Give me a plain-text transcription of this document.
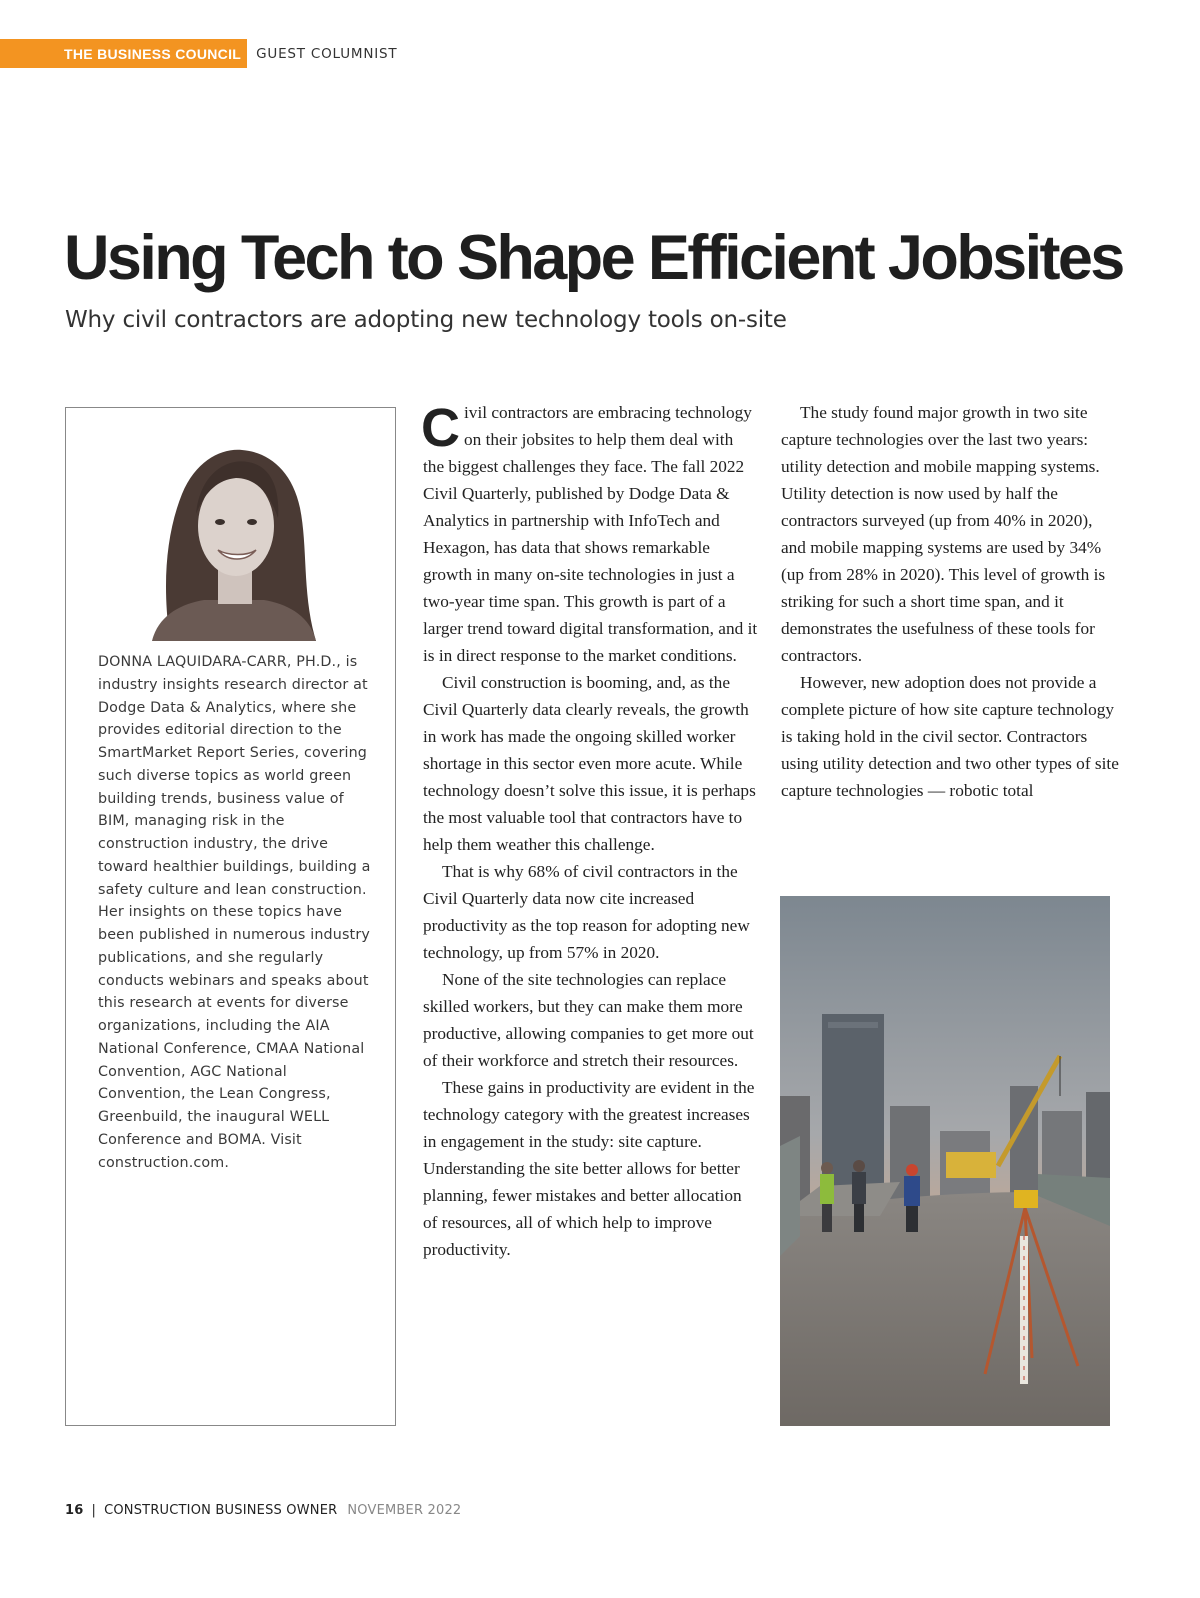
THE BUSINESS COUNCIL	GUEST COLUMNIST
Using Tech to Shape Efficient Jobsites
Why civil contractors are adopting new technology tools on-site
DONNA LAQUIDARA-CARR, PH.D., is industry insights research director at Dodge Data & Analytics, where she provides editorial direction to the SmartMarket Report Series, covering such diverse topics as world green building trends, business value of BIM, managing risk in the construction industry, the drive toward healthier buildings, building a safety culture and lean construction. Her insights on these topics have been published in numerous industry publications, and she regularly conducts webinars and speaks about this research at events for diverse organizations, including the AIA National Conference, CMAA National Convention, AGC National Convention, the Lean Congress, Greenbuild, the inaugural WELL Conference and BOMA. Visit construction.com.

Civil contractors are embracing technology on their jobsites to help them deal with the biggest challenges they face. The fall 2022 Civil Quarterly, published by Dodge Data & Analytics in partnership with InfoTech and Hexagon, has data that shows remarkable growth in many on-site technologies in just a two-year time span. This growth is part of a larger trend toward digital transformation, and it is in direct response to the market conditions.

Civil construction is booming, and, as the Civil Quarterly data clearly reveals, the growth in work has made the ongoing skilled worker shortage in this sector even more acute. While technology doesn’t solve this issue, it is perhaps the most valuable tool that contractors have to help them weather this challenge.

That is why 68% of civil contractors in the Civil Quarterly data now cite increased productivity as the top reason for adopting new technology, up from 57% in 2020.

None of the site technologies can replace skilled workers, but they can make them more productive, allowing companies to get more out of their workforce and stretch their resources.

These gains in productivity are evident in the technology category with the greatest increases in engagement in the study: site capture. Understanding the site better allows for better planning, fewer mistakes and better allocation of resources, all of which help to improve productivity.

The study found major growth in two site capture technologies over the last two years: utility detection and mobile mapping systems. Utility detection is now used by half the contractors surveyed (up from 40% in 2020), and mobile mapping systems are used by 34% (up from 28% in 2020). This level of growth is striking for such a short time span, and it demonstrates the usefulness of these tools for contractors.

However, new adoption does not provide a complete picture of how site capture technology is taking hold in the civil sector. Contractors using utility detection and two other types of site capture technologies — robotic total

16 | CONSTRUCTION BUSINESS OWNER NOVEMBER 2022
